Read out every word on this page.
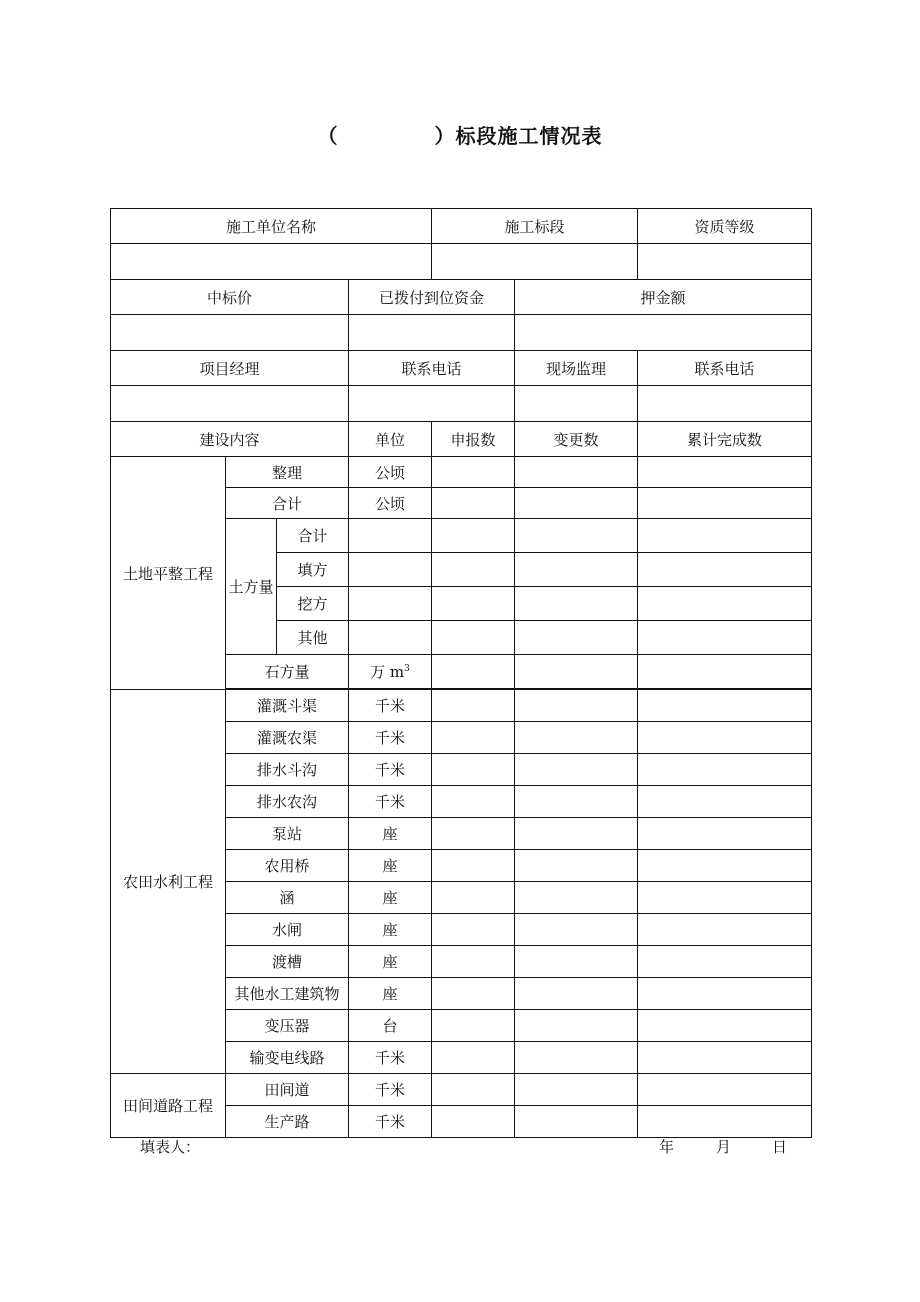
（	）标段施工情况表
施工单位名称				施工标段		资质等级

中标价			已拨付到位资金		押金额	

项目经理			联系电话		现场监理	联系电话

建设内容			单位	申报数	变更数	累计完成数
土地平整工程	整理		公顷			
	合计		公顷			
	土方量	合计				
		填方				
		挖方				
		其他				
	石方量		万 $m^3$			

农田水利工程	灌溉斗渠		千米			
	灌溉农渠		千米			
	排水斗沟		千米			
	排水农沟		千米			
	泵站		座			
	农用桥		座			
	涵		座			
	水闸		座			
	渡槽		座			
	其他水工建筑物		座			
	变压器		台			
	输变电线路		千米			
田间道路工程	田间道		千米			
	生产路		千米			
填表人：	年	月	日
